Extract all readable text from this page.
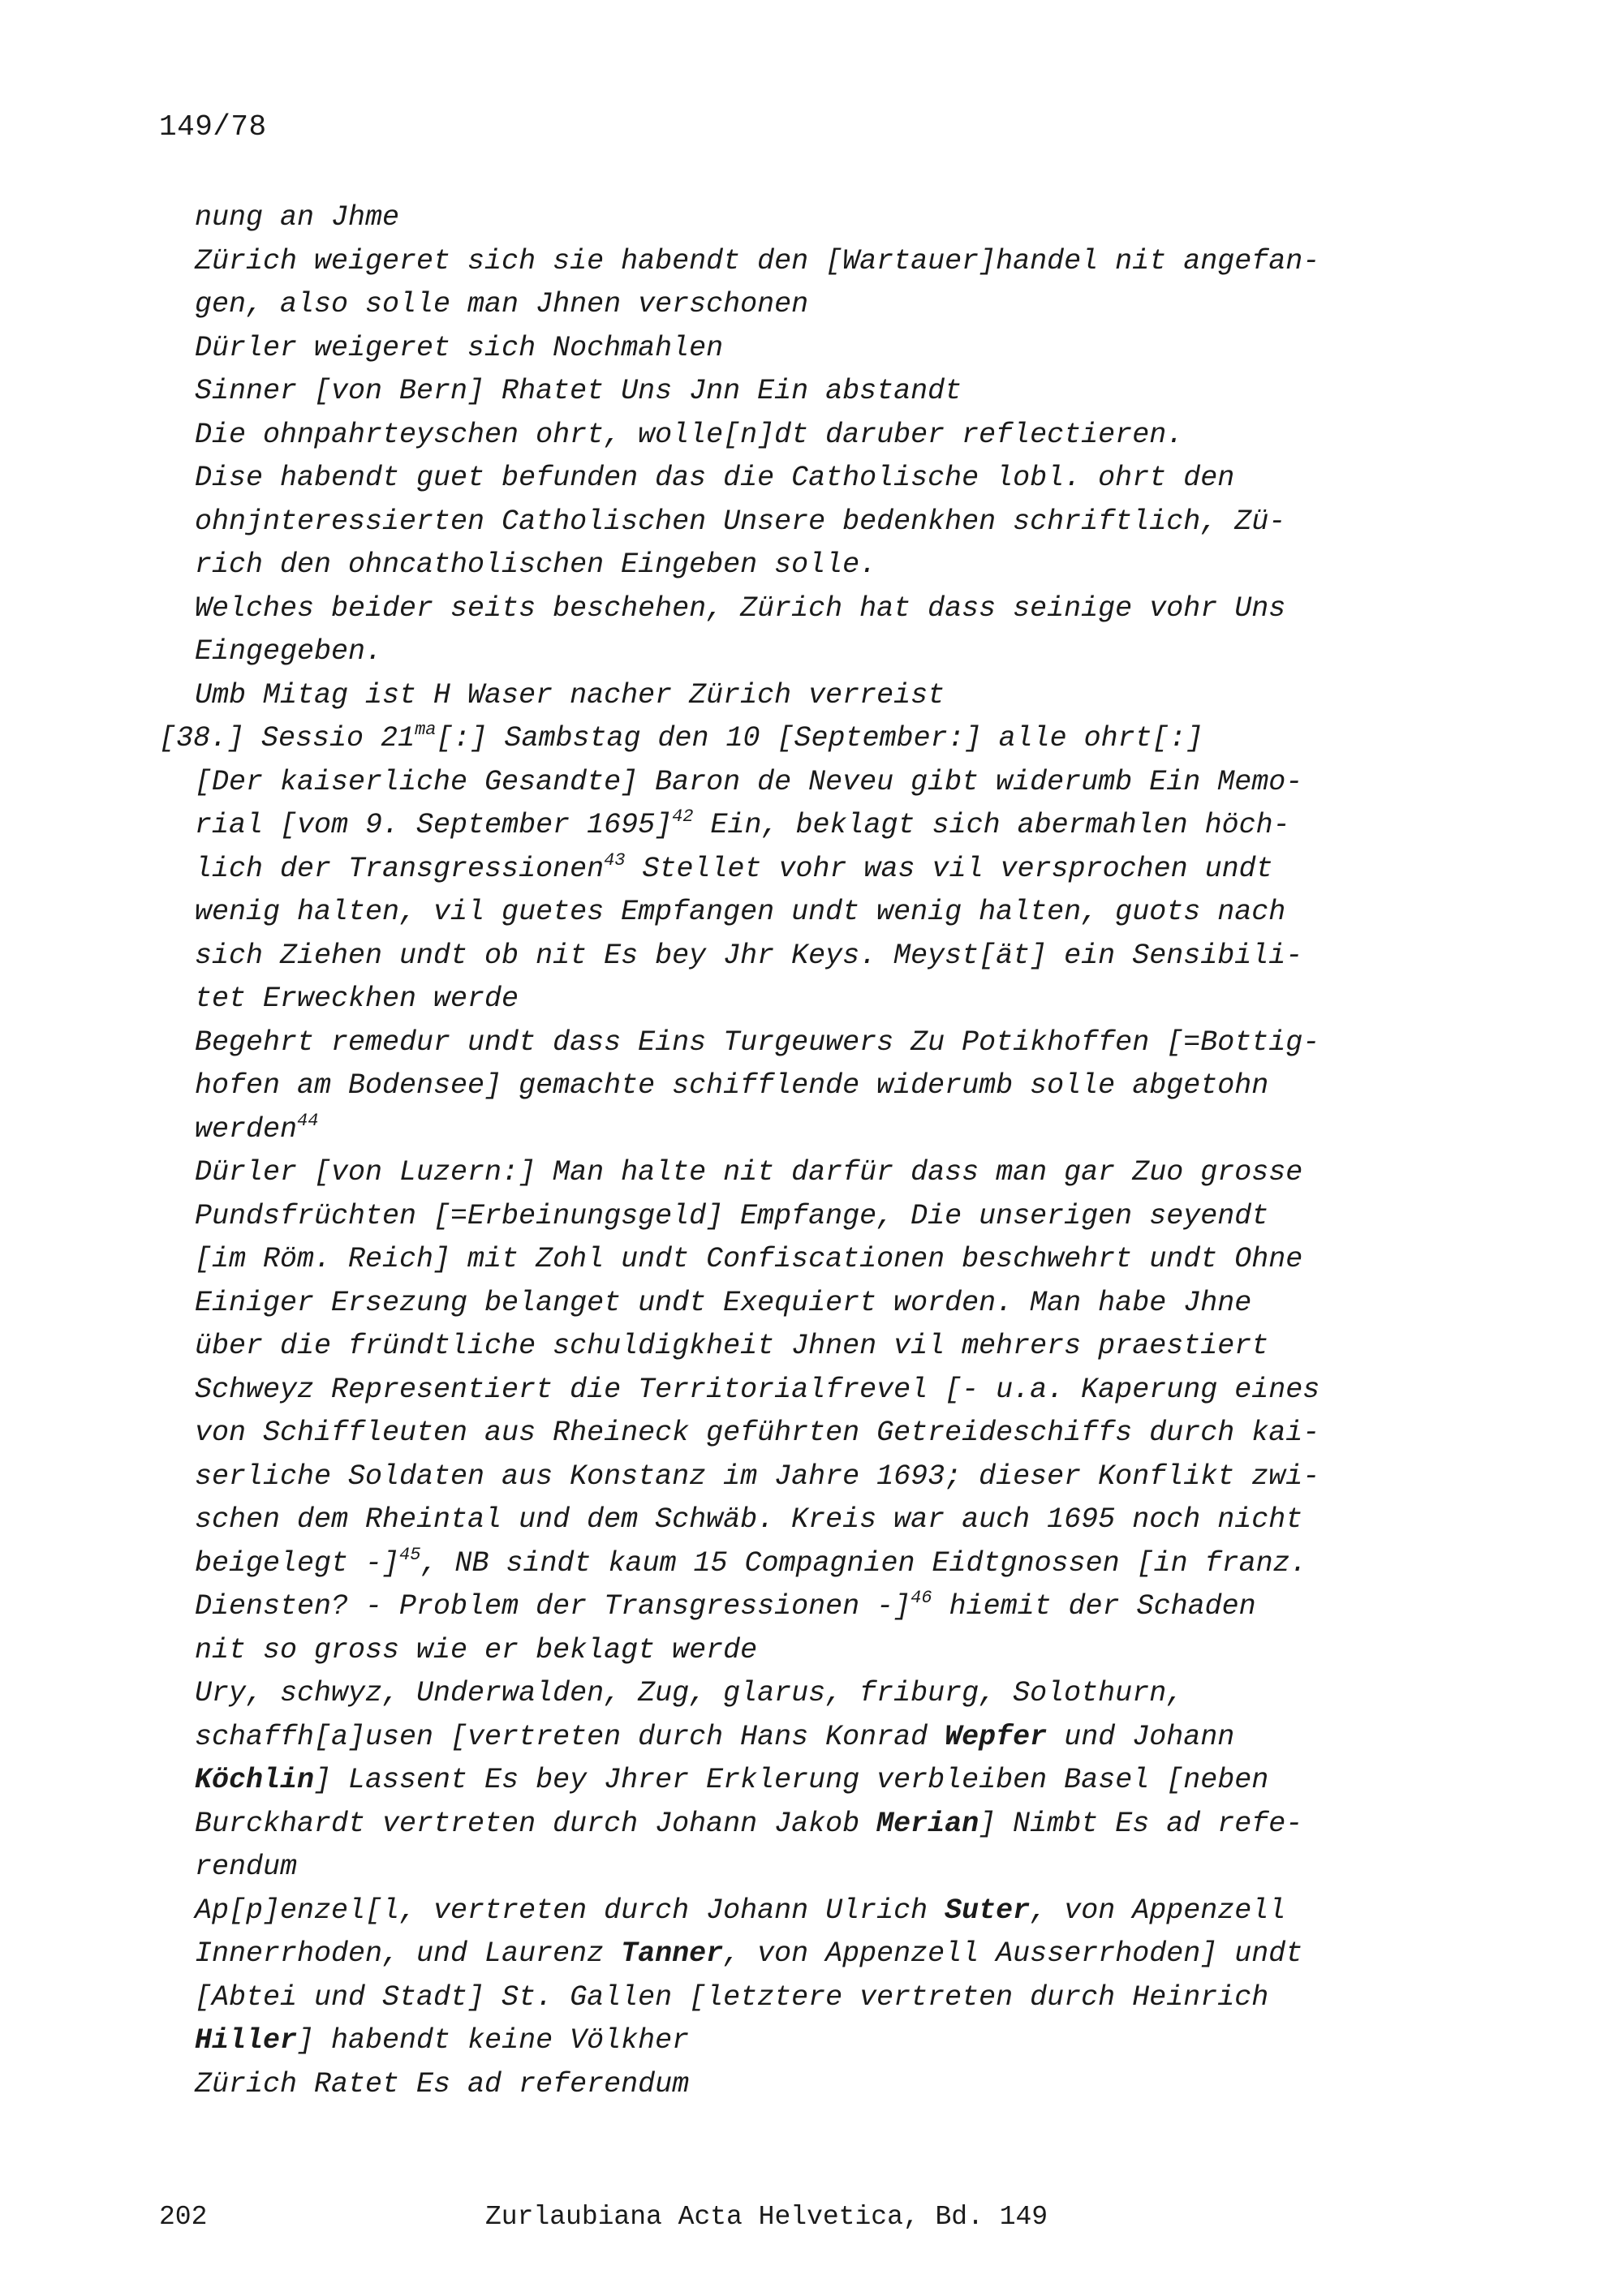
149/78
nung an Jhme
Zürich weigeret sich sie habendt den [Wartauer]handel nit angefan-
gen, also solle man Jhnen verschonen
Dürler weigeret sich Nochmahlen
Sinner [von Bern] Rhatet Uns Jnn Ein abstandt
Die ohnpahrteyschen ohrt, wolle[n]dt daruber reflectieren.
Dise habendt guet befunden das die Catholische lobl. ohrt den
ohnjnteressierten Catholischen Unsere bedenkhen schriftlich, Zü-
rich den ohncatholischen Eingeben solle.
Welches beider seits beschehen, Zürich hat dass seinige vohr Uns
Eingegeben.
Umb Mitag ist H Waser nacher Zürich verreist
[38.] Sessio $21^{ma}[:]$ Sambstag den 10 [September:] alle ohrt[:]
[Der kaiserliche Gesandte] Baron de Neveu gibt widerumb Ein Memo-
rial [vom 9. September 1695]$^{42}$ Ein, beklagt sich abermahlen höch-
lich der Transgressionen$^{43}$ Stellet vohr was vil versprochen undt
wenig halten, vil guetes Empfangen undt wenig halten, guots nach
sich Ziehen undt ob nit Es bey Jhr Keys. Meyst[ät] ein Sensibili-
tet Erweckhen werde
Begehrt remedur undt dass Eins Turgeuwers Zu Potikhoffen [=Bottig-
hofen am Bodensee] gemachte schifflende widerumb solle abgetohn
werden$^{44}$
Dürler [von Luzern:] Man halte nit darfür dass man gar Zuo grosse
Pundsfrüchten [=Erbeinungsgeld] Empfange, Die unserigen seyendt
[im Röm. Reich] mit Zohl undt Confiscationen beschwehrt undt Ohne
Einiger Ersezung belanget undt Exequiert worden. Man habe Jhne
über die fründtliche schuldigkheit Jhnen vil mehrers praestiert
Schweyz Representiert die Territorialfrevel [- u.a. Kaperung eines
von Schiffleuten aus Rheineck geführten Getreideschiffs durch kai-
serliche Soldaten aus Konstanz im Jahre 1693; dieser Konflikt zwi-
schen dem Rheintal und dem Schwäb. Kreis war auch 1695 noch nicht
beigelegt -]$^{45}$, NB sindt kaum 15 Compagnien Eidtgnossen [in franz.
Diensten? - Problem der Transgressionen -]$^{46}$ hiemit der Schaden
nit so gross wie er beklagt werde
Ury, schwyz, Underwalden, Zug, glarus, friburg, Solothurn,
schaffh[a]usen [vertreten durch Hans Konrad Wepfer und Johann
Köchlin] Lassent Es bey Jhrer Erklerung verbleiben Basel [neben
Burckhardt vertreten durch Johann Jakob Merian] Nimbt Es ad refe-
rendum
Ap[p]enzel[l, vertreten durch Johann Ulrich Suter, von Appenzell
Innerrhoden, und Laurenz Tanner, von Appenzell Ausserrhoden] undt
[Abtei und Stadt] St. Gallen [letztere vertreten durch Heinrich
Hiller] habendt keine Völkher
Zürich Ratet Es ad referendum
202	Zurlaubiana Acta Helvetica, Bd. 149
